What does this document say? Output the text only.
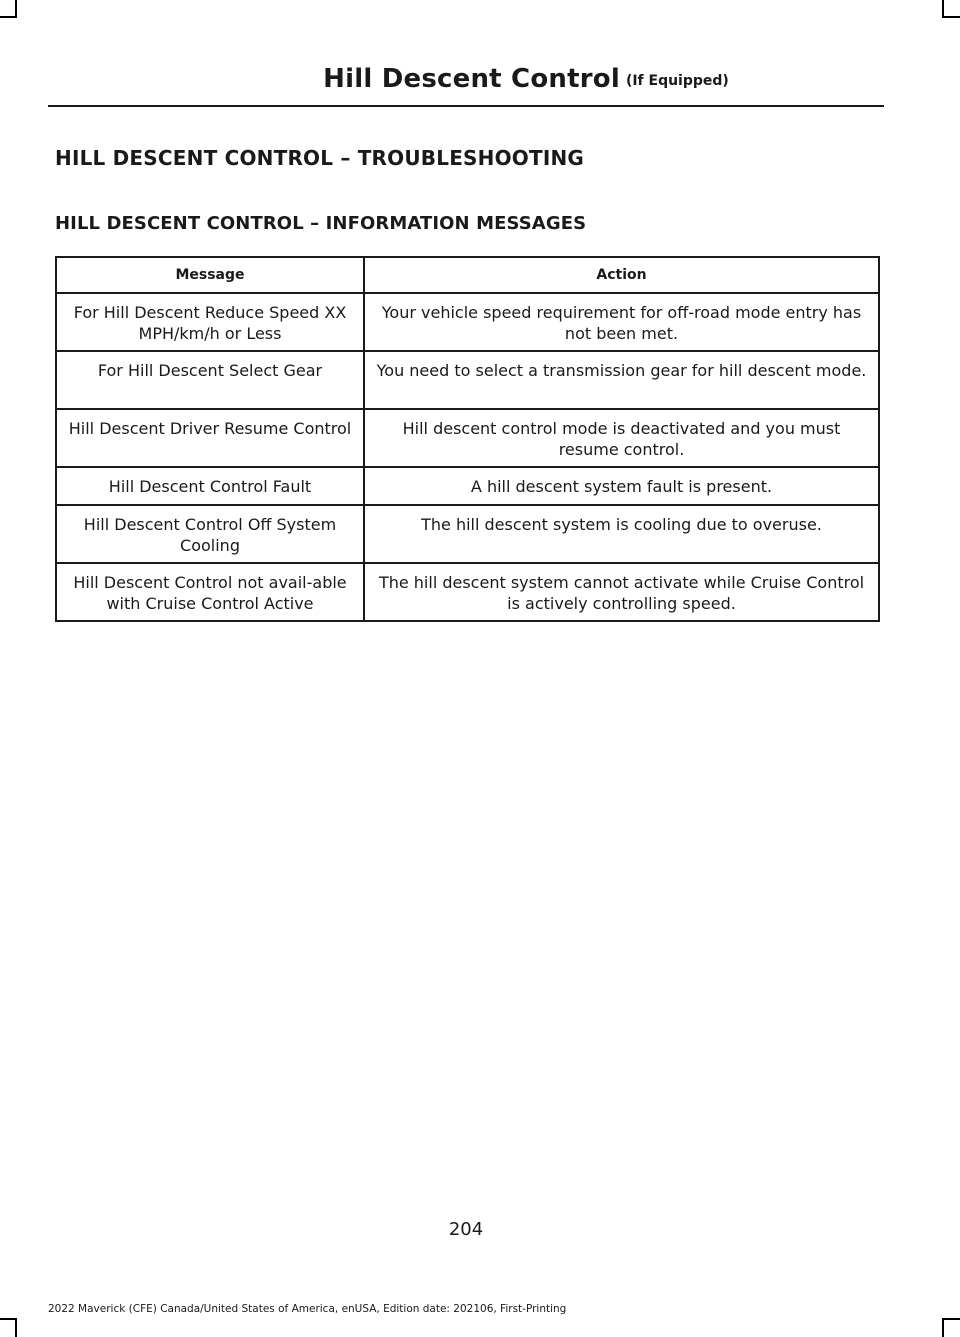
Hill Descent Control (If Equipped)
HILL DESCENT CONTROL – TROUBLESHOOTING
HILL DESCENT CONTROL – INFORMATION MESSAGES
Message	Action
For Hill Descent Reduce Speed XX MPH/km/h or Less	Your vehicle speed requirement for off-road mode entry has not been met.
For Hill Descent Select Gear	You need to select a transmission gear for hill descent mode.
Hill Descent Driver Resume Control	Hill descent control mode is deactivated and you must resume control.
Hill Descent Control Fault	A hill descent system fault is present.
Hill Descent Control Off System Cooling	The hill descent system is cooling due to overuse.
Hill Descent Control not avail-able with Cruise Control Active	The hill descent system cannot activate while Cruise Control is actively controlling speed.
204
2022 Maverick (CFE) Canada/United States of America, enUSA, Edition date: 202106, First-Printing
